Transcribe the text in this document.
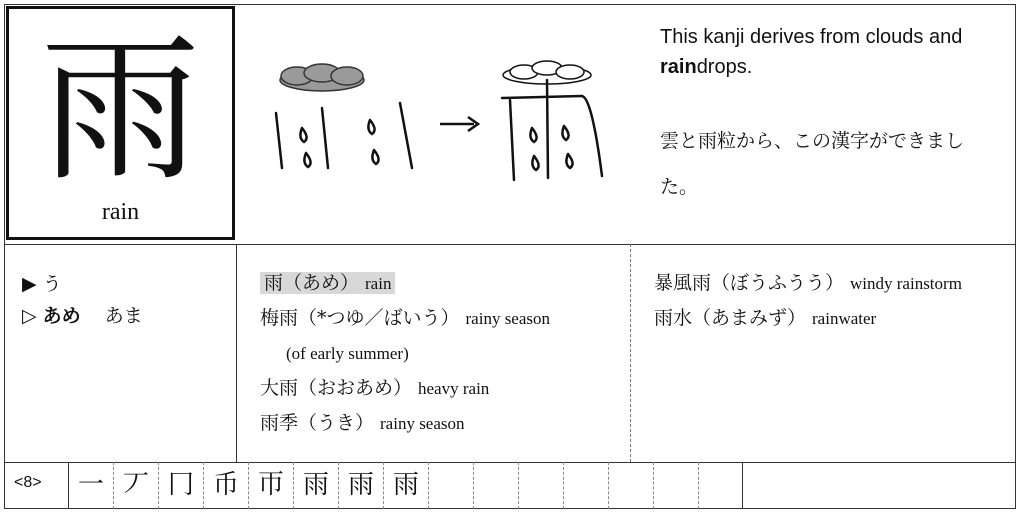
雨
rain
This kanji derives from clouds and raindrops.
雲と雨粒から、この漢字ができました。
▶ う
▷ あめ あま
雨（あめ） rain
梅雨（*つゆ／ばいう） rainy season
(of early summer)
大雨（おおあめ） heavy rain
雨季（うき） rainy season
暴風雨（ぼうふうう） windy rainstorm
雨水（あまみず） rainwater
<8>	一 丆 冂 币 帀 雨 雨 雨
